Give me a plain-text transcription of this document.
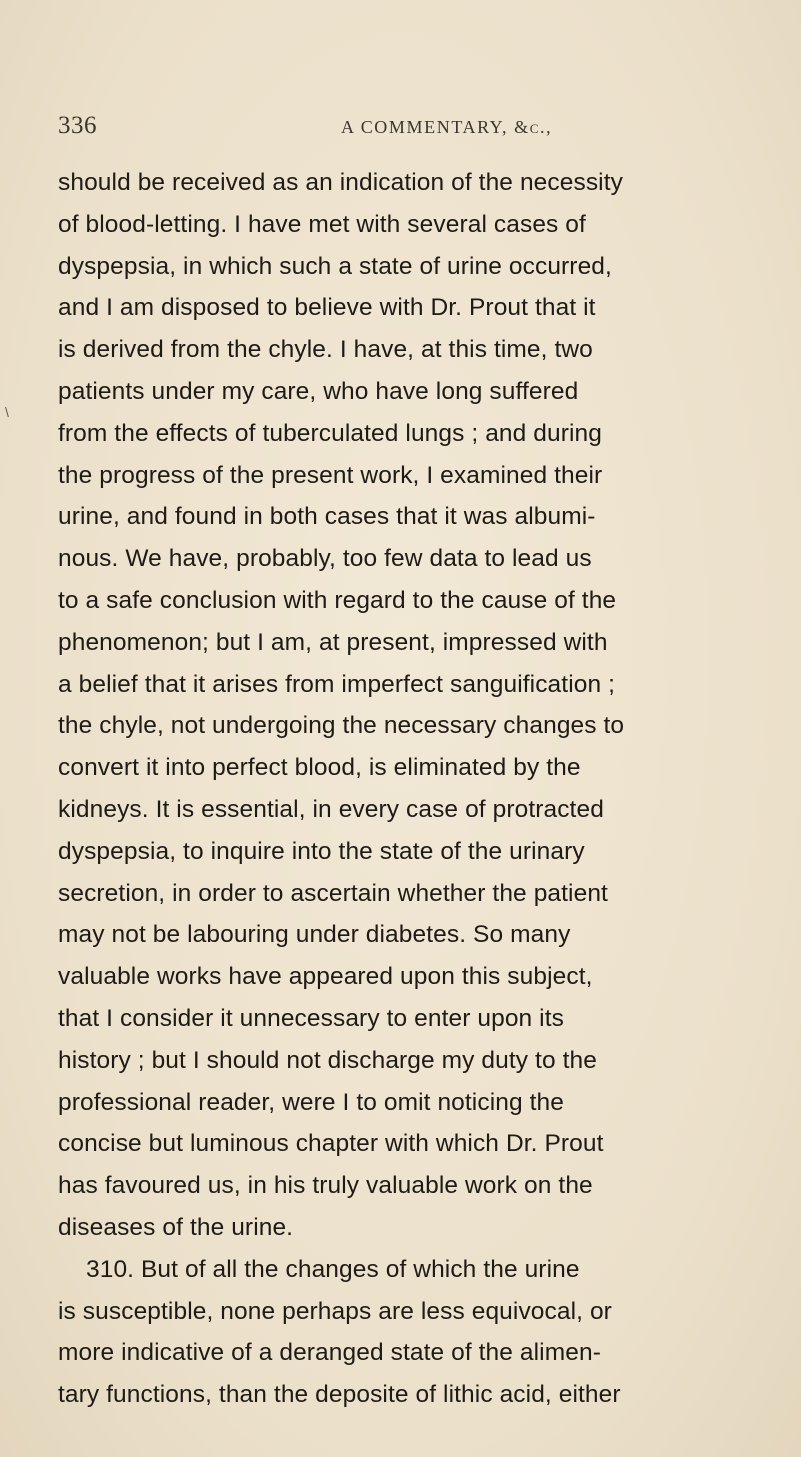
336	A COMMENTARY, &c.,
\
should be received as an indication of the necessity
of blood-letting. I have met with several cases of
dyspepsia, in which such a state of urine occurred,
and I am disposed to believe with Dr. Prout that it
is derived from the chyle. I have, at this time, two
patients under my care, who have long suffered
from the effects of tuberculated lungs ; and during
the progress of the present work, I examined their
urine, and found in both cases that it was albumi-
nous. We have, probably, too few data to lead us
to a safe conclusion with regard to the cause of the
phenomenon; but I am, at present, impressed with
a belief that it arises from imperfect sanguification ;
the chyle, not undergoing the necessary changes to
convert it into perfect blood, is eliminated by the
kidneys. It is essential, in every case of protracted
dyspepsia, to inquire into the state of the urinary
secretion, in order to ascertain whether the patient
may not be labouring under diabetes. So many
valuable works have appeared upon this subject,
that I consider it unnecessary to enter upon its
history ; but I should not discharge my duty to the
professional reader, were I to omit noticing the
concise but luminous chapter with which Dr. Prout
has favoured us, in his truly valuable work on the
diseases of the urine.
310. But of all the changes of which the urine
is susceptible, none perhaps are less equivocal, or
more indicative of a deranged state of the alimen-
tary functions, than the deposite of lithic acid, either
